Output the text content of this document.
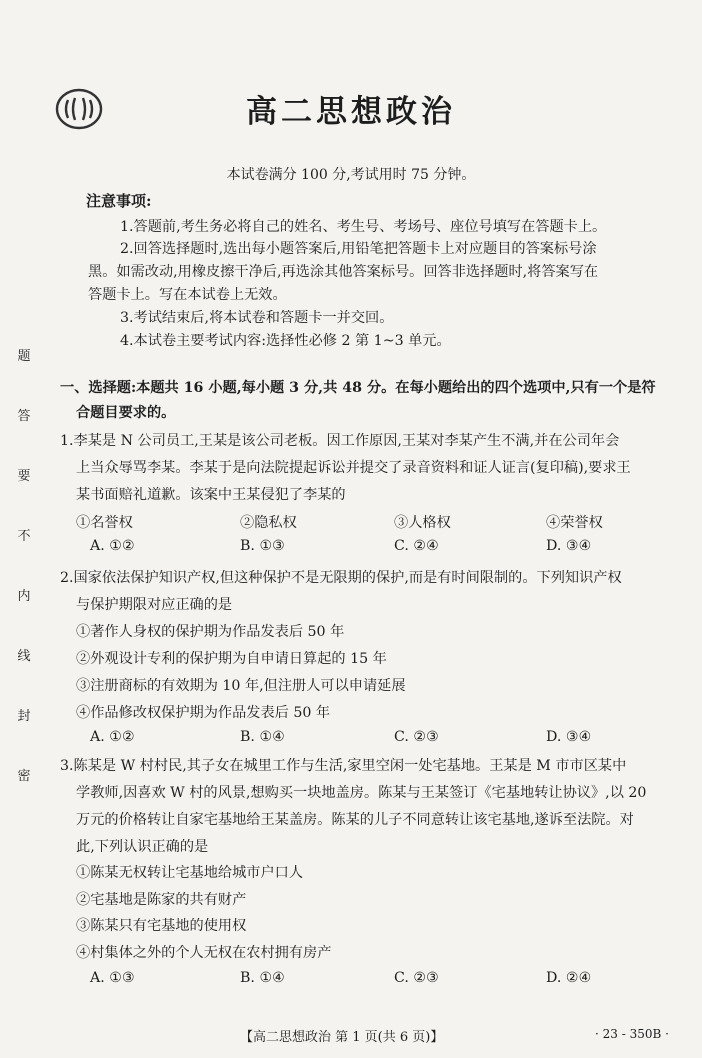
高二思想政治
本试卷满分 100 分,考试用时 75 分钟。
注意事项:
1.答题前,考生务必将自己的姓名、考生号、考场号、座位号填写在答题卡上。
2.回答选择题时,选出每小题答案后,用铅笔把答题卡上对应题目的答案标号涂
黑。如需改动,用橡皮擦干净后,再选涂其他答案标号。回答非选择题时,将答案写在
答题卡上。写在本试卷上无效。
3.考试结束后,将本试卷和答题卡一并交回。
4.本试卷主要考试内容:选择性必修 2 第 1~3 单元。
一、选择题:本题共 16 小题,每小题 3 分,共 48 分。在每小题给出的四个选项中,只有一个是符
合题目要求的。
1.李某是 N 公司员工,王某是该公司老板。因工作原因,王某对李某产生不满,并在公司年会
上当众辱骂李某。李某于是向法院提起诉讼并提交了录音资料和证人证言(复印稿),要求王
某书面赔礼道歉。该案中王某侵犯了李某的
①名誉权	②隐私权	③人格权	④荣誉权
A. ①②	B. ①③	C. ②④	D. ③④
2.国家依法保护知识产权,但这种保护不是无限期的保护,而是有时间限制的。下列知识产权
与保护期限对应正确的是
①著作人身权的保护期为作品发表后 50 年
②外观设计专利的保护期为自申请日算起的 15 年
③注册商标的有效期为 10 年,但注册人可以申请延展
④作品修改权保护期为作品发表后 50 年
A. ①②	B. ①④	C. ②③	D. ③④
3.陈某是 W 村村民,其子女在城里工作与生活,家里空闲一处宅基地。王某是 M 市市区某中
学教师,因喜欢 W 村的风景,想购买一块地盖房。陈某与王某签订《宅基地转让协议》,以 20
万元的价格转让自家宅基地给王某盖房。陈某的儿子不同意转让该宅基地,遂诉至法院。对
此,下列认识正确的是
①陈某无权转让宅基地给城市户口人
②宅基地是陈家的共有财产
③陈某只有宅基地的使用权
④村集体之外的个人无权在农村拥有房产
A. ①③	B. ①④	C. ②③	D. ②④
题
答
要
不
内
线
封
密
【高二思想政治 第 1 页(共 6 页)】	· 23 - 350B ·
